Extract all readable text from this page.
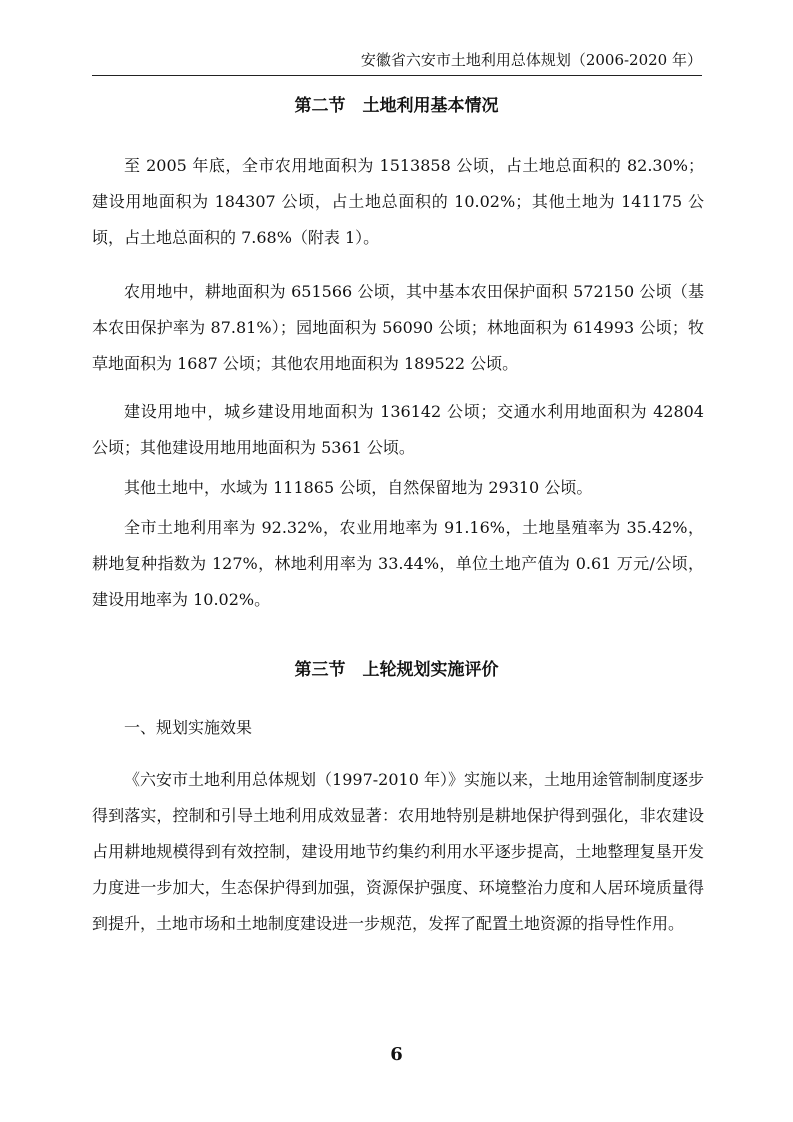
安徽省六安市土地利用总体规划（2006-2020 年）
第二节　土地利用基本情况

至 2005 年底，全市农用地面积为 1513858 公顷，占土地总面积的 82.30%；建设用地面积为 184307 公顷，占土地总面积的 10.02%；其他土地为 141175 公顷，占土地总面积的 7.68%（附表 1）。

农用地中，耕地面积为 651566 公顷，其中基本农田保护面积 572150 公顷（基本农田保护率为 87.81%）；园地面积为 56090 公顷；林地面积为 614993 公顷；牧草地面积为 1687 公顷；其他农用地面积为 189522 公顷。

建设用地中，城乡建设用地面积为 136142 公顷；交通水利用地面积为 42804 公顷；其他建设用地用地面积为 5361 公顷。

其他土地中，水域为 111865 公顷，自然保留地为 29310 公顷。

全市土地利用率为 92.32%，农业用地率为 91.16%，土地垦殖率为 35.42%，耕地复种指数为 127%，林地利用率为 33.44%，单位土地产值为 0.61 万元/公顷，建设用地率为 10.02%。

第三节　上轮规划实施评价
一、规划实施效果

《六安市土地利用总体规划（1997-2010 年）》实施以来，土地用途管制制度逐步得到落实，控制和引导土地利用成效显著：农用地特别是耕地保护得到强化，非农建设占用耕地规模得到有效控制，建设用地节约集约利用水平逐步提高，土地整理复垦开发力度进一步加大，生态保护得到加强，资源保护强度、环境整治力度和人居环境质量得到提升，土地市场和土地制度建设进一步规范，发挥了配置土地资源的指导性作用。

6
